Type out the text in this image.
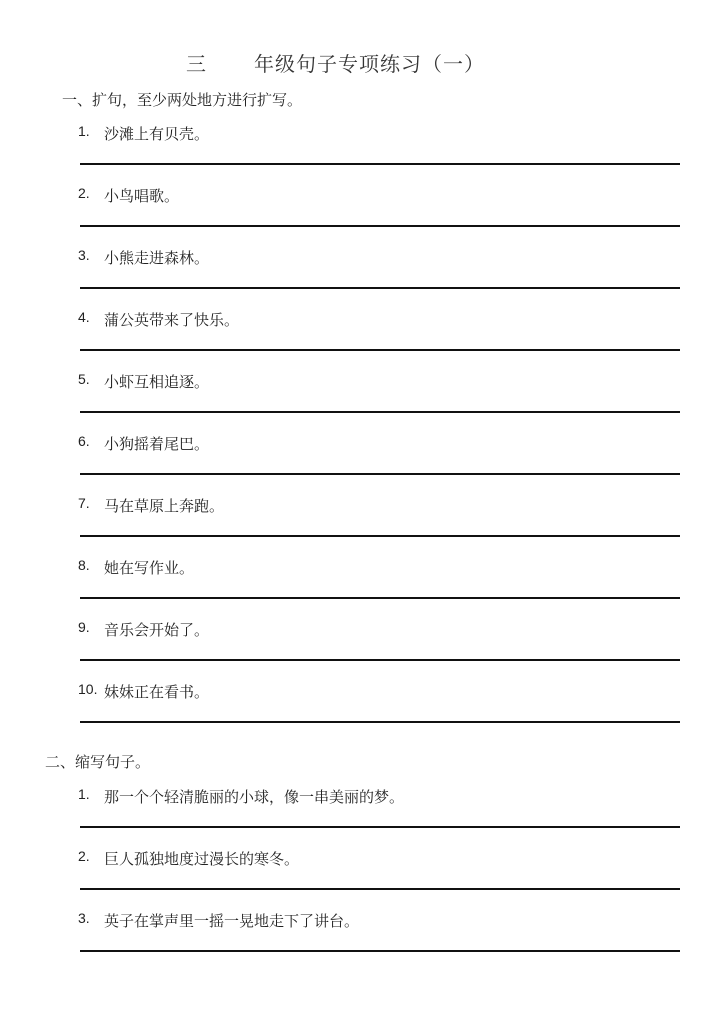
三 年级句子专项练习（一）
一、扩句，至少两处地方进行扩写。
1. 沙滩上有贝壳。
2. 小鸟唱歌。
3. 小熊走进森林。
4. 蒲公英带来了快乐。
5. 小虾互相追逐。
6. 小狗摇着尾巴。
7. 马在草原上奔跑。
8. 她在写作业。
9. 音乐会开始了。
10. 妹妹正在看书。
二、缩写句子。
1. 那一个个轻清脆丽的小球，像一串美丽的梦。
2. 巨人孤独地度过漫长的寒冬。
3. 英子在掌声里一摇一晃地走下了讲台。
